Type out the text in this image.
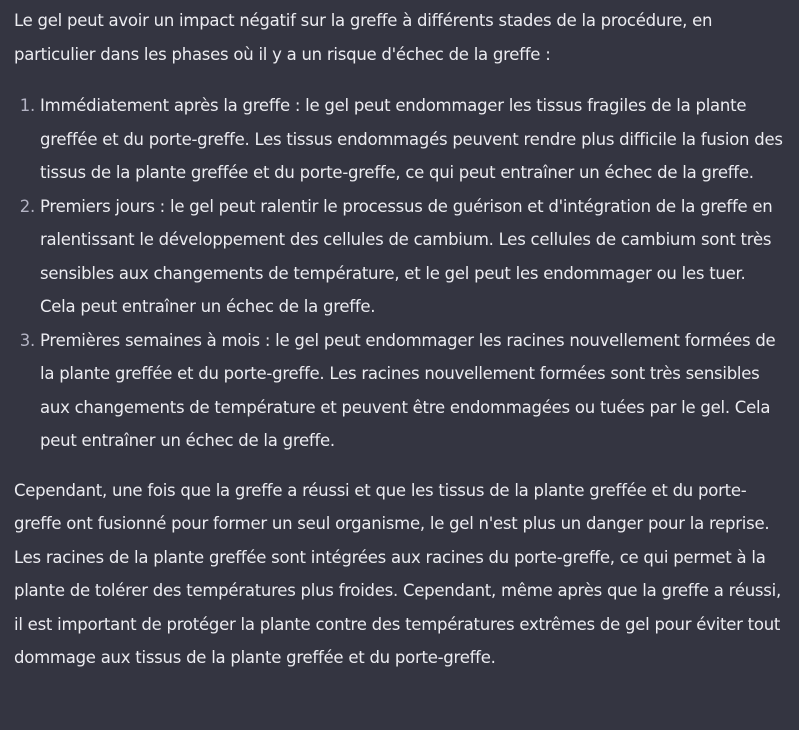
Le gel peut avoir un impact négatif sur la greffe à différents stades de la procédure, en particulier dans les phases où il y a un risque d'échec de la greffe :

1. Immédiatement après la greffe : le gel peut endommager les tissus fragiles de la plante greffée et du porte-greffe. Les tissus endommagés peuvent rendre plus difficile la fusion des tissus de la plante greffée et du porte-greffe, ce qui peut entraîner un échec de la greffe.
2. Premiers jours : le gel peut ralentir le processus de guérison et d'intégration de la greffe en ralentissant le développement des cellules de cambium. Les cellules de cambium sont très sensibles aux changements de température, et le gel peut les endommager ou les tuer. Cela peut entraîner un échec de la greffe.
3. Premières semaines à mois : le gel peut endommager les racines nouvellement formées de la plante greffée et du porte-greffe. Les racines nouvellement formées sont très sensibles aux changements de température et peuvent être endommagées ou tuées par le gel. Cela peut entraîner un échec de la greffe.

Cependant, une fois que la greffe a réussi et que les tissus de la plante greffée et du porte-greffe ont fusionné pour former un seul organisme, le gel n'est plus un danger pour la reprise. Les racines de la plante greffée sont intégrées aux racines du porte-greffe, ce qui permet à la plante de tolérer des températures plus froides. Cependant, même après que la greffe a réussi, il est important de protéger la plante contre des températures extrêmes de gel pour éviter tout dommage aux tissus de la plante greffée et du porte-greffe.
